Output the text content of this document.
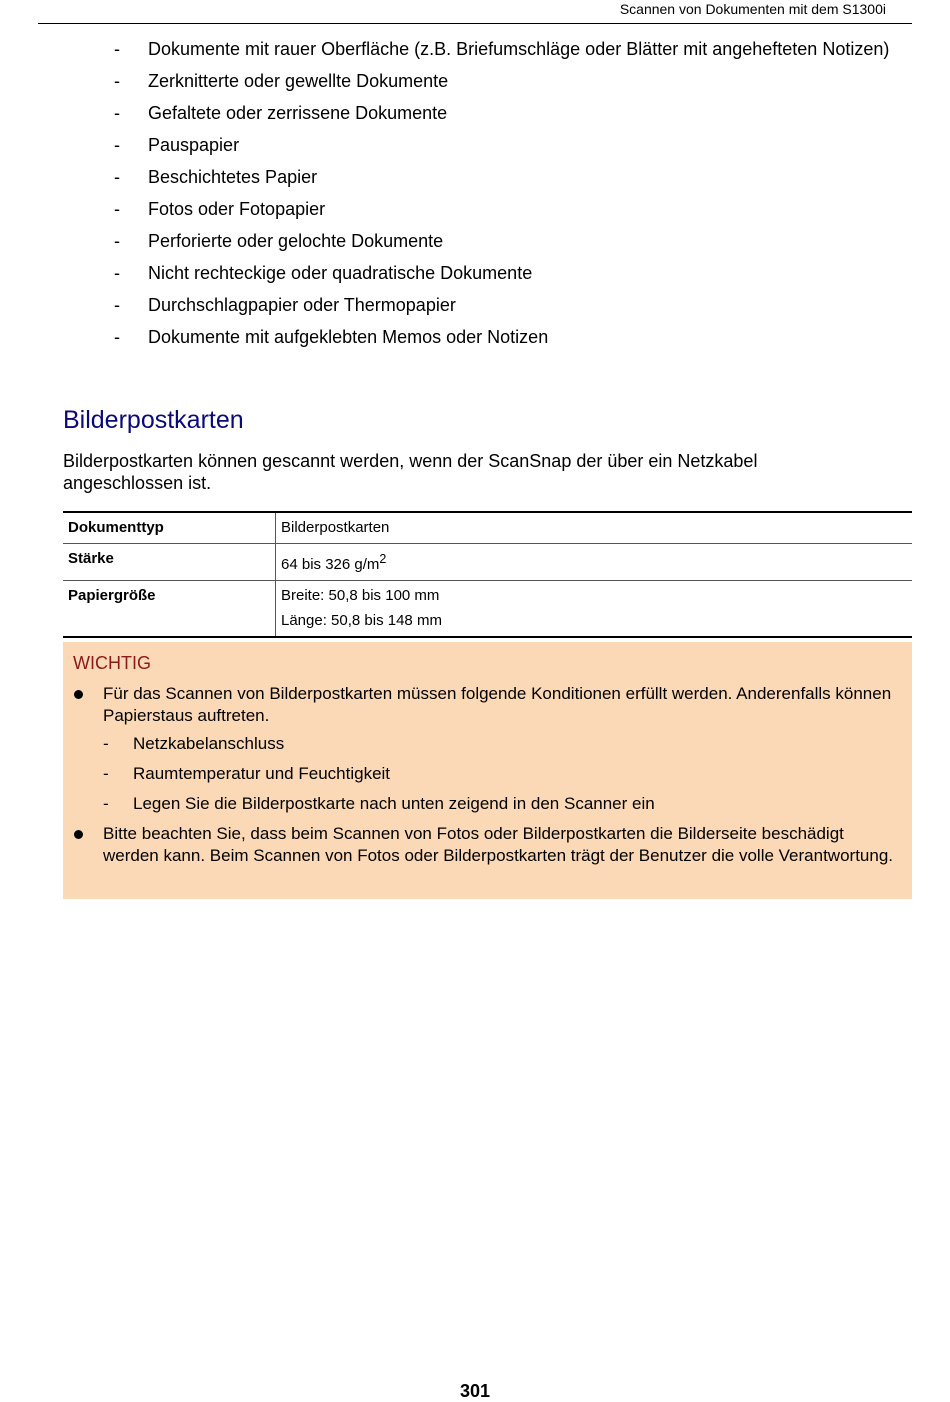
Scannen von Dokumenten mit dem S1300i
- Dokumente mit rauer Oberfläche (z.B. Briefumschläge oder Blätter mit angehefteten Notizen)
- Zerknitterte oder gewellte Dokumente
- Gefaltete oder zerrissene Dokumente
- Pauspapier
- Beschichtetes Papier
- Fotos oder Fotopapier
- Perforierte oder gelochte Dokumente
- Nicht rechteckige oder quadratische Dokumente
- Durchschlagpapier oder Thermopapier
- Dokumente mit aufgeklebten Memos oder Notizen
Bilderpostkarten

Bilderpostkarten können gescannt werden, wenn der ScanSnap der über ein Netzkabel angeschlossen ist.

Dokumenttyp	Bilderpostkarten
Stärke	64 bis 326 $g/m^2$
Papiergröße	Breite: 50,8 bis 100 mm
Länge: 50,8 bis 148 mm
WICHTIG
Für das Scannen von Bilderpostkarten müssen folgende Konditionen erfüllt werden. Anderenfalls können Papierstaus auftreten.
- Netzkabelanschluss
- Raumtemperatur und Feuchtigkeit
- Legen Sie die Bilderpostkarte nach unten zeigend in den Scanner ein
Bitte beachten Sie, dass beim Scannen von Fotos oder Bilderpostkarten die Bilderseite beschädigt werden kann. Beim Scannen von Fotos oder Bilderpostkarten trägt der Benutzer die volle Verantwortung.
301
